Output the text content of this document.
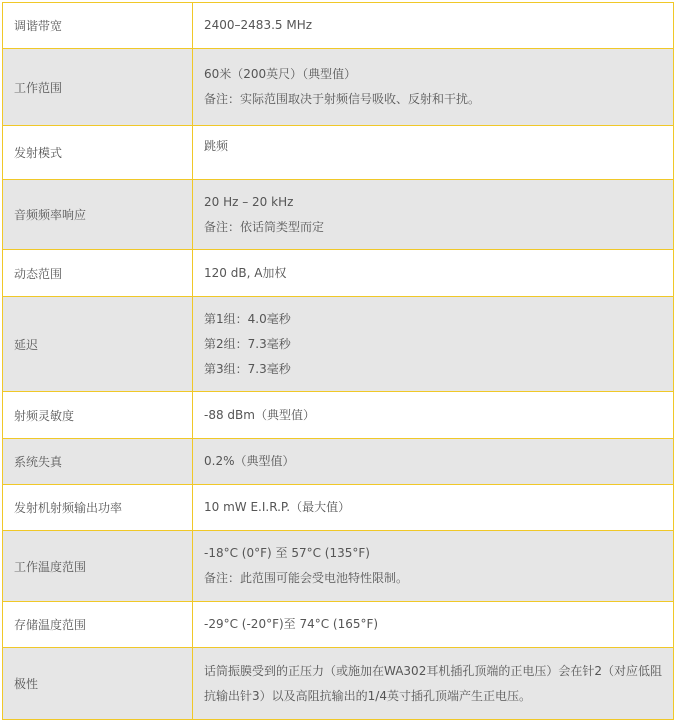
调谐带宽	2400–2483.5 MHz

工作范围	60米（200英尺）（典型值）
备注：实际范围取决于射频信号吸收、反射和干扰。

发射模式	跳频

音频频率响应	20 Hz – 20 kHz
备注：依话筒类型而定

动态范围	120 dB, A加权

延迟	第1组：4.0毫秒
第2组：7.3毫秒
第3组：7.3毫秒

射频灵敏度	-88 dBm（典型值）

系统失真	0.2%（典型值）

发射机射频输出功率	10 mW E.I.R.P.（最大值）

工作温度范围	-18°C (0°F) 至 57°C (135°F)
备注：此范围可能会受电池特性限制。

存储温度范围	-29°C (-20°F)至 74°C (165°F)

极性	话筒振膜受到的正压力（或施加在WA302耳机插孔顶端的正电压）会在针2（对应低阻抗输出针3）以及高阻抗输出的1/4英寸插孔顶端产生正电压。
